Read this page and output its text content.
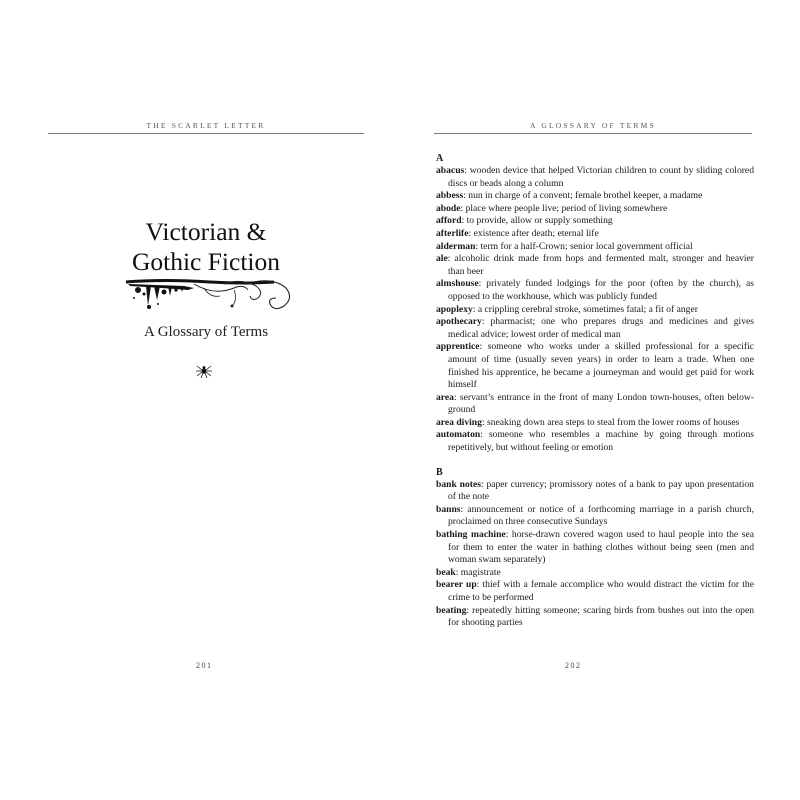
THE SCARLET LETTER
Victorian &
Gothic Fiction
A Glossary of Terms
201
A GLOSSARY OF TERMS
A
abacus: wooden device that helped Victorian children to count by sliding colored discs or beads along a column
abbess: nun in charge of a convent; female brothel keeper, a madame
abode: place where people live; period of living somewhere
afford: to provide, allow or supply something
afterlife: existence after death; eternal life
alderman: term for a half-Crown; senior local government official
ale: alcoholic drink made from hops and fermented malt, stronger and heavier than beer
almshouse: privately funded lodgings for the poor (often by the church), as opposed to the workhouse, which was publicly funded
apoplexy: a crippling cerebral stroke, sometimes fatal; a fit of anger
apothecary: pharmacist; one who prepares drugs and medicines and gives medical advice; lowest order of medical man
apprentice: someone who works under a skilled professional for a specific amount of time (usually seven years) in order to learn a trade. When one finished his apprentice, he became a journeyman and would get paid for work himself
area: servant’s entrance in the front of many London town-houses, often below-ground
area diving: sneaking down area steps to steal from the lower rooms of houses
automaton: someone who resembles a machine by going through motions repetitively, but without feeling or emotion
B
bank notes: paper currency; promissory notes of a bank to pay upon presentation of the note
banns: announcement or notice of a forthcoming marriage in a parish church, proclaimed on three consecutive Sundays
bathing machine: horse-drawn covered wagon used to haul people into the sea for them to enter the water in bathing clothes without being seen (men and woman swam separately)
beak: magistrate
bearer up: thief with a female accomplice who would distract the victim for the crime to be performed
beating: repeatedly hitting someone; scaring birds from bushes out into the open for shooting parties
202
